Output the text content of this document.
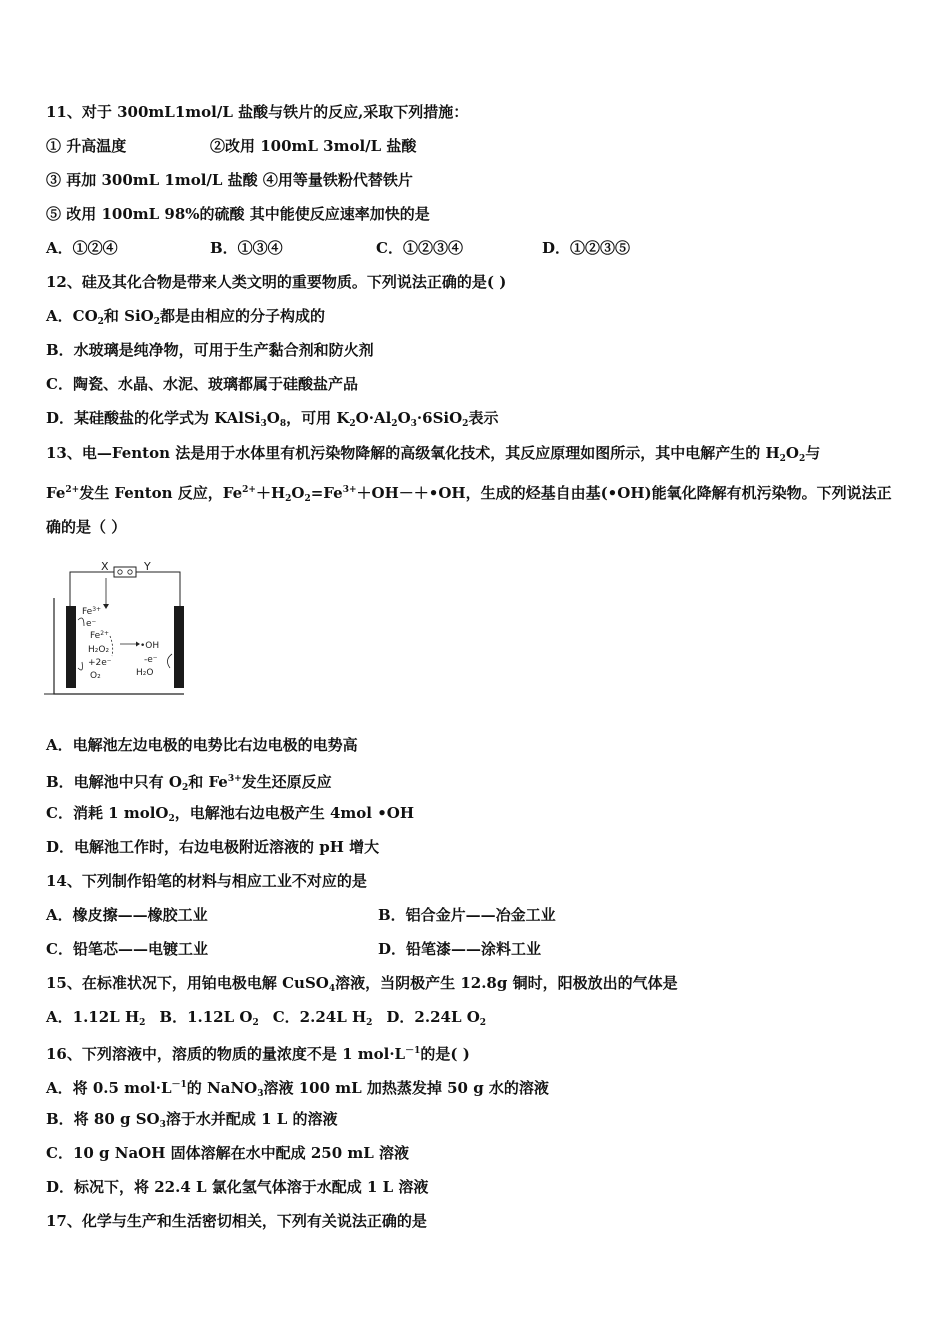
11、对于 300mL1mol/L 盐酸与铁片的反应,采取下列措施：
① 升高温度	②改用 100mL 3mol/L 盐酸
③ 再加 300mL 1mol/L 盐酸 ④用等量铁粉代替铁片
⑤ 改用 100mL 98%的硫酸 其中能使反应速率加快的是
A．①②④	B．①③④	C．①②③④	D．①②③⑤
12、硅及其化合物是带来人类文明的重要物质。下列说法正确的是( )
A．$CO_2$和 SiO$_2$都是由相应的分子构成的
B．水玻璃是纯净物，可用于生产黏合剂和防火剂
C．陶瓷、水晶、水泥、玻璃都属于硅酸盐产品
D．某硅酸盐的化学式为 $KAlSi_3O_8$，可用 $K_2O\cdot Al_2O_3\cdot 6SiO_2$表示
13、电—Fenton 法是用于水体里有机污染物降解的高级氧化技术，其反应原理如图所示，其中电解产生的 $H_2O_2$与
$Fe^{2+}$发生 Fenton 反应，$Fe^{2+}+H_2O_2=Fe^{3+}+OH-+•OH$，生成的烃基自由基(•OH)能氧化降解有机污染物。下列说法正
确的是（ ）
X	Y
$Fe^{3+}$
e⁻
$Fe^{2+}$
H₂O₂
+2e⁻
O₂
•OH
-e⁻
H₂O
A．电解池左边电极的电势比右边电极的电势高
B．电解池中只有 $O_2$和 $Fe^{3+}$发生还原反应
C．消耗 1 molO$_2$，电解池右边电极产生 4mol •OH
D．电解池工作时，右边电极附近溶液的 pH 增大
14、下列制作铅笔的材料与相应工业不对应的是
A．橡皮擦——橡胶工业	B．铝合金片——冶金工业
C．铅笔芯——电镀工业	D．铅笔漆——涂料工业
15、在标准状况下，用铂电极电解 CuSO$_4$溶液，当阴极产生 12.8g 铜时，阳极放出的气体是
A．1.12L $H_2$ B．1.12L $O_2$ C．2.24L $H_2$ D．2.24L $O_2$
16、下列溶液中，溶质的物质的量浓度不是 1 $mol\cdot L^{-1}$的是( )
A．将 0.5 $mol\cdot L^{-1}$的 NaNO$_3$溶液 100 mL 加热蒸发掉 50 g 水的溶液
B．将 80 g $SO_3$溶于水并配成 1 L 的溶液
C．10 g NaOH 固体溶解在水中配成 250 mL 溶液
D．标况下，将 22.4 L 氯化氢气体溶于水配成 1 L 溶液
17、化学与生产和生活密切相关，下列有关说法正确的是
